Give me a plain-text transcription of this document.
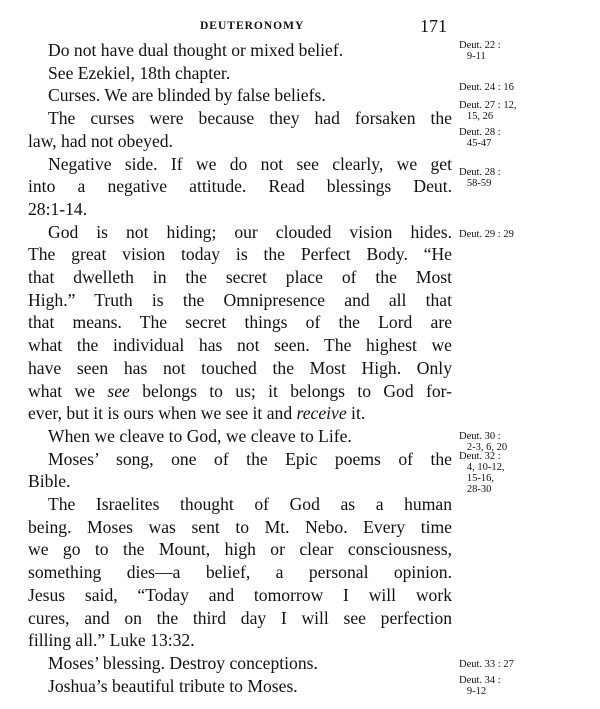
DEUTERONOMY	171
Do not have dual thought or mixed belief.
See Ezekiel, 18th chapter.
Curses. We are blinded by false beliefs.
The curses were because they had forsaken the
law, had not obeyed.
Negative side. If we do not see clearly, we get
into a negative attitude. Read blessings Deut.
28:1-14.
God is not hiding; our clouded vision hides.
The great vision today is the Perfect Body. “He
that dwelleth in the secret place of the Most
High.” Truth is the Omnipresence and all that
that means. The secret things of the Lord are
what the individual has not seen. The highest we
have seen has not touched the Most High. Only
what we see belongs to us; it belongs to God for-
ever, but it is ours when we see it and receive it.
When we cleave to God, we cleave to Life.
Moses’ song, one of the Epic poems of the
Bible.
The Israelites thought of God as a human
being. Moses was sent to Mt. Nebo. Every time
we go to the Mount, high or clear consciousness,
something dies—a belief, a personal opinion.
Jesus said, “Today and tomorrow I will work
cures, and on the third day I will see perfection
filling all.” Luke 13:32.
Moses’ blessing. Destroy conceptions.
Joshua’s beautiful tribute to Moses.
Deut. 22 :
9-11
Deut. 24 : 16
Deut. 27 : 12,
15, 26
Deut. 28 :
45-47
Deut. 28 :
58-59
Deut. 29 : 29
Deut. 30 :
2-3, 6, 20
Deut. 32 :
4, 10-12,
15-16,
28-30
Deut. 33 : 27
Deut. 34 :
9-12
